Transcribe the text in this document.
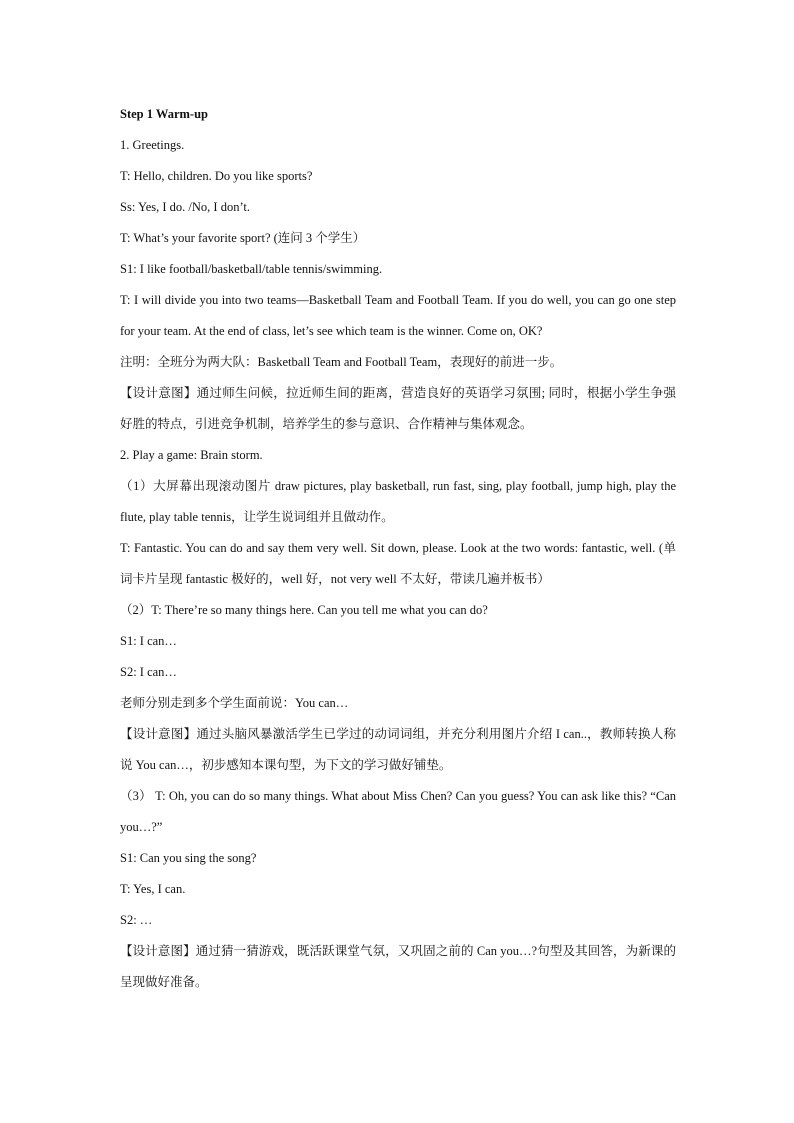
Step 1 Warm-up

1. Greetings.

T: Hello, children. Do you like sports?

Ss: Yes, I do. /No, I don’t.

T: What’s your favorite sport? (连问 3 个学生）

S1: I like football/basketball/table tennis/swimming.

T: I will divide you into two teams—Basketball Team and Football Team. If you do well, you can go one step for your team. At the end of class, let’s see which team is the winner. Come on, OK?

注明：全班分为两大队：Basketball Team and Football Team，表现好的前进一步。

【设计意图】通过师生问候，拉近师生间的距离，营造良好的英语学习氛围; 同时，根据小学生争强好胜的特点，引进竞争机制，培养学生的参与意识、合作精神与集体观念。

2. Play a game: Brain storm.

（1）大屏幕出现滚动图片 draw pictures, play basketball, run fast, sing, play football, jump high, play the flute, play table tennis，让学生说词组并且做动作。

T: Fantastic. You can do and say them very well. Sit down, please. Look at the two words: fantastic, well. (单词卡片呈现 fantastic 极好的，well 好，not very well 不太好，带读几遍并板书）

（2）T: There’re so many things here. Can you tell me what you can do?

S1: I can…

S2: I can…

老师分别走到多个学生面前说：You can…

【设计意图】通过头脑风暴激活学生已学过的动词词组，并充分利用图片介绍 I can..，教师转换人称说 You can…，初步感知本课句型，为下文的学习做好铺垫。

（3） T: Oh, you can do so many things. What about Miss Chen? Can you guess? You can ask like this? “Can you…?”

S1: Can you sing the song?

T: Yes, I can.

S2: …

【设计意图】通过猜一猜游戏，既活跃课堂气氛，又巩固之前的 Can you…?句型及其回答，为新课的呈现做好准备。
